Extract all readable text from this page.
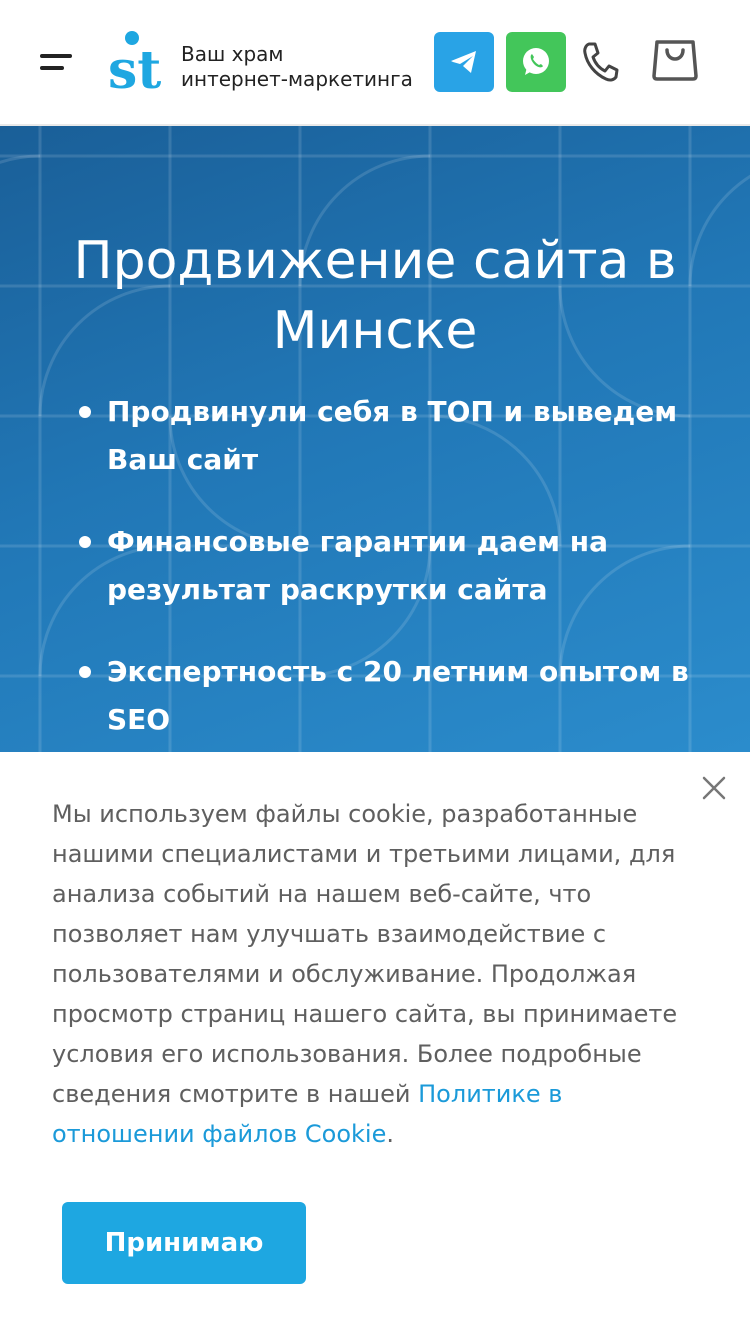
st Ваш храм
интернет-маркетинга
Продвижение сайта в Минске
Продвинули себя в ТОП и выведем Ваш сайт
Финансовые гарантии даем на результат раскрутки сайта
Экспертность с 20 летним опытом в SEO

Мы используем файлы cookie, разработанные нашими специалистами и третьими лицами, для анализа событий на нашем веб-сайте, что позволяет нам улучшать взаимодействие с пользователями и обслуживание. Продолжая просмотр страниц нашего сайта, вы принимаете условия его использования. Более подробные сведения смотрите в нашей Политике в отношении файлов Cookie.

Принимаю
